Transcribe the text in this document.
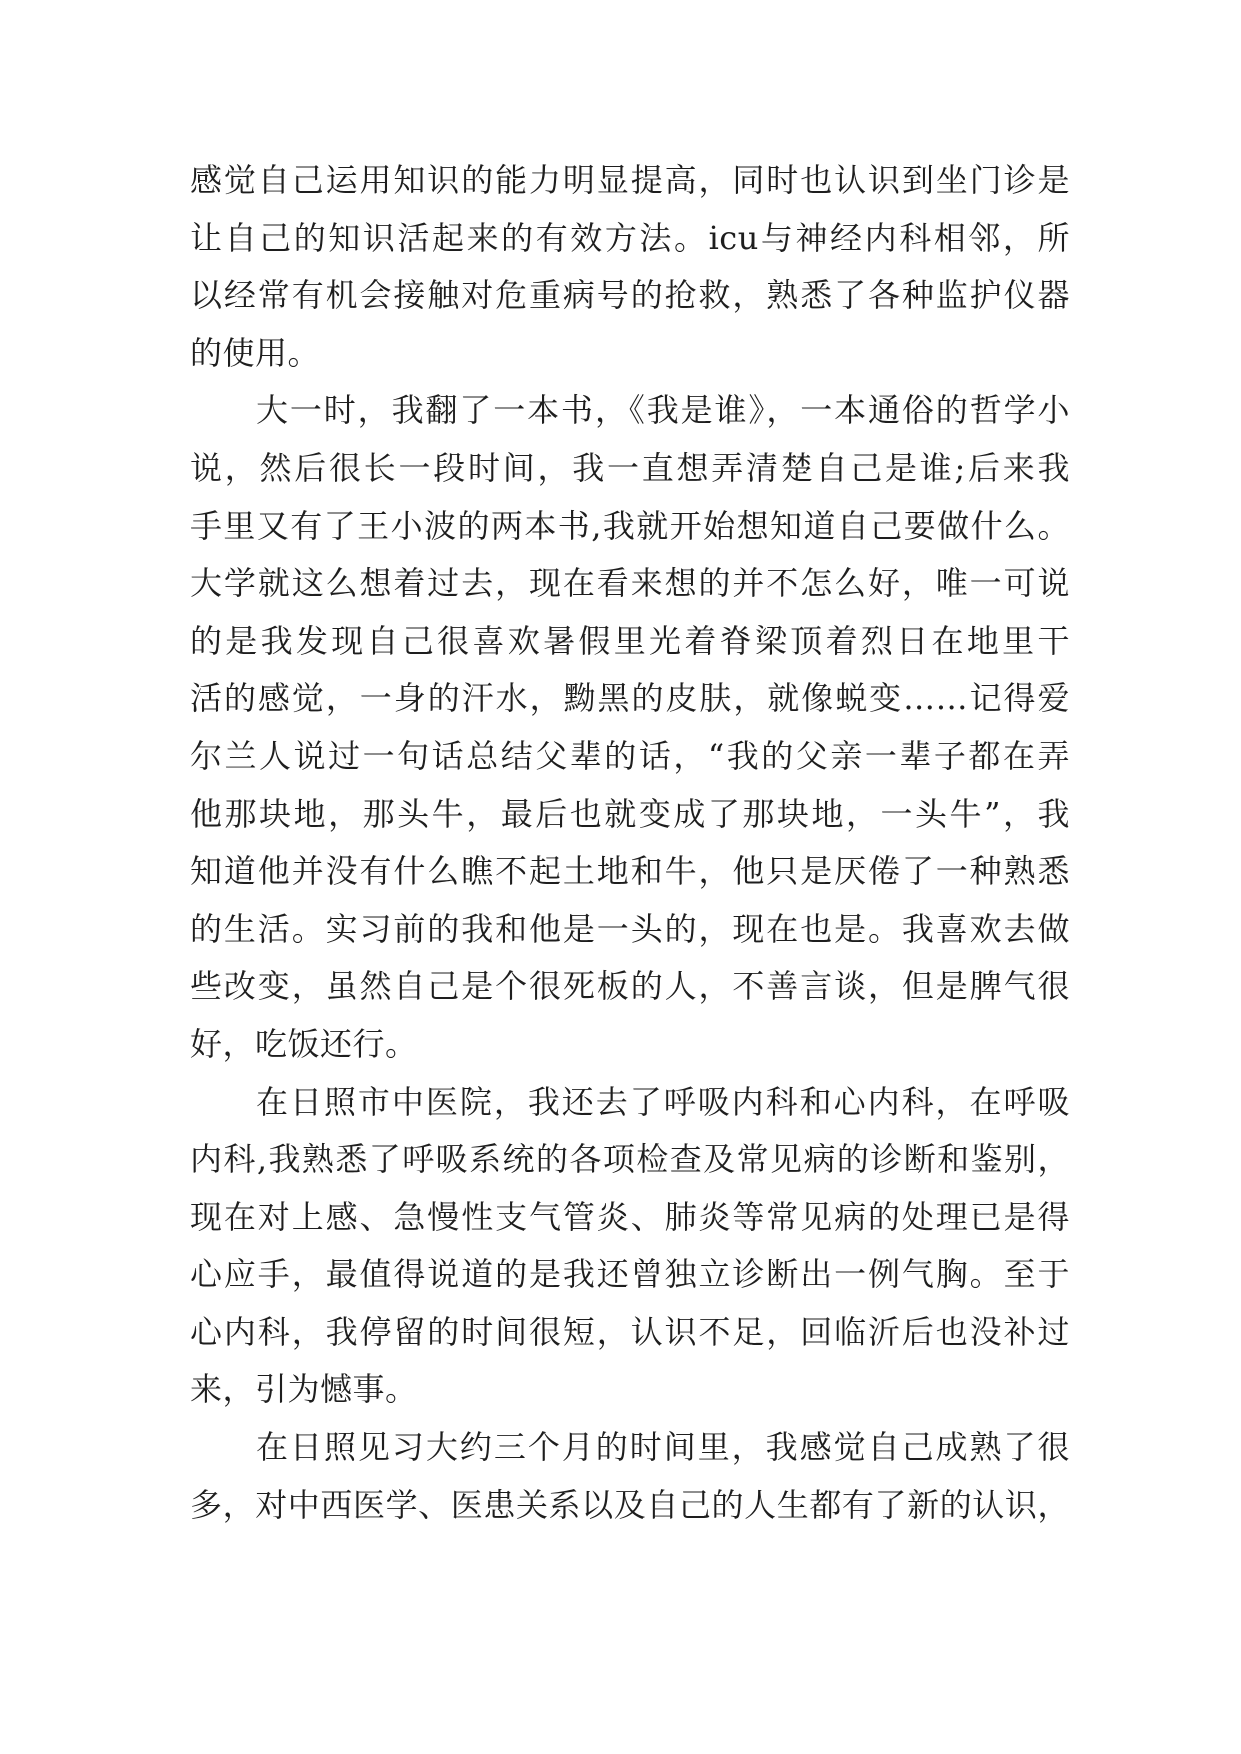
感觉自己运用知识的能力明显提高，同时也认识到坐门诊是
让自己的知识活起来的有效方法。icu与神经内科相邻，所
以经常有机会接触对危重病号的抢救，熟悉了各种监护仪器
的使用。
大一时，我翻了一本书，《我是谁》，一本通俗的哲学小
说，然后很长一段时间，我一直想弄清楚自己是谁;后来我
手里又有了王小波的两本书,我就开始想知道自己要做什么。
大学就这么想着过去，现在看来想的并不怎么好，唯一可说
的是我发现自己很喜欢暑假里光着脊梁顶着烈日在地里干
活的感觉，一身的汗水，黝黑的皮肤，就像蜕变……记得爱
尔兰人说过一句话总结父辈的话，“我的父亲一辈子都在弄
他那块地，那头牛，最后也就变成了那块地，一头牛”，我
知道他并没有什么瞧不起土地和牛，他只是厌倦了一种熟悉
的生活。实习前的我和他是一头的，现在也是。我喜欢去做
些改变，虽然自己是个很死板的人，不善言谈，但是脾气很
好，吃饭还行。
在日照市中医院，我还去了呼吸内科和心内科，在呼吸
内科,我熟悉了呼吸系统的各项检查及常见病的诊断和鉴别，
现在对上感、急慢性支气管炎、肺炎等常见病的处理已是得
心应手，最值得说道的是我还曾独立诊断出一例气胸。至于
心内科，我停留的时间很短，认识不足，回临沂后也没补过
来，引为憾事。
在日照见习大约三个月的时间里，我感觉自己成熟了很
多，对中西医学、医患关系以及自己的人生都有了新的认识，
